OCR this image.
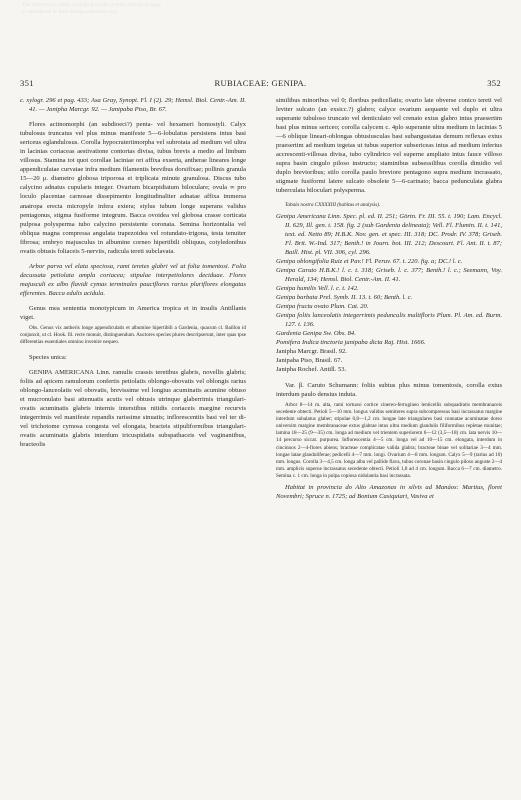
The fainter text visible through from the reverse side of the page
is reproduced as faint background lines only
351	RUBIACEAE: GENIPA.	352
c. xylogr. 296 et pag. 433; Asa Gray, Synopt. Fl. I (2). 29; Hemsl. Biol. Centr.-Am. II. 41. — Janipha Marcgr. 92. — Janipaba Piso, Br. 67.
Flores actinomorphi (an subdioeci?) penta- vel hexameri homostyli. Calyx tubulosus truncatus vel plus minus manifeste 5—6-lobulatus persistens intus basi sericeus eglandulosus. Corolla hypocrateriimorpha vel subrotata ad medium vel ultra in lacinias coriaceas aestivatione contortas divisa, tubus brevis a medio ad limbum villosus. Stamina tot quot corollae laciniae ori affixa exserta, antherae lineares longe appendiculatae curvatae infra medium filamentis brevibus dorsifixae; pollinis granula 15—20 μ. diametro globosa triporosa et triplicata minute granulosa. Discus tubo calycino adnatus cupularis integer. Ovarium bicarpidiatum biloculare; ovula ∞ pro loculo placentae carnosae dissepimento longitudinaliter adnatae affixa immersa anatropa erecta micropyle infera extera; stylus tubum longe superans validus pentagonus, stigma fusiforme integrum. Bacca ovoidea vel globosa crasse corticata pulposa polysperma tubo calycino persistente coronata. Semina horizontalia vel obliqua magna compressa angulata trapezoidea vel rotundato-trigona, testa tenuiter fibrosa; embryo majusculus in albumine corneo hipertibili obliquus, cotyledonibus ovatis obtusis foliaceis 5-nerviis, radicula tereti subclavata.
Arbor parva vel elata speciosa, rami teretes glabri vel ut folia tomentosi. Folia decussata petiolata ampla coriacea; stipulae interpetiolares deciduae. Flores majusculi ex albo flavidi cymas terminales pauciflores rarius pluriflores elongatas efferentes. Bacca edulis acidula.
Genus mea sententia monotypicum in America tropica et in insulis Antillanis viget.
Obs. Genus vix antheris longe appendiculatis et albumine hipertibili a Gardenia, quacum cl. Baillon id conjunxit, ut cl. Hook. fil. recte monuit, distinguendum. Auctores species plures descripserunt, inter quas tpse differentias essentiales omnino invenire nequeo.
Species unica:
GENIPA AMERICANA Linn. ramulis crassis teretibus glabris, novellis glabris; foliis ad apicem ramulorum confertis petiolatis oblongo-obovatis vel oblongis rarius oblongo-lanceolatis vel obovatis, brevissime vel longius acuminatis acumine obtuso et mucronulato basi attenuatis acutis vel obtusis utrinque glaberrimis triangulari-ovatis acuminatis glabris internis interstibus nitidis coriaceis margine recurvis integerrimis vel manifeste repandis rarissime sinuatis; inflorescentiis basi vel ter di- vel trichotome cymosa congesta vel elongata, bracteis stipuliformibus triangulari-ovatis acuminatis glabris interdum tricuspidatis subspathaceis vel vaginantibus, bracteolis
similibus minoribus vel 0; floribus pedicellatis; ovario late obverse conico tereti vel leviter sulcato (an exsicc.?) glabro; calyce ovarium aequante vel duplo et ultra superante tubuloso truncato vel denticulato vel crenato extus glabro intus praesertim basi plus minus sericeo; corolla calycem c. 4plo superante ultra medium in lacinias 5—6 oblique lineari-oblongas obtusiusculas basi subangustatas demum reflexas extus praesertim ad medium tegetas ut tubus superior subsericeas intus ad medium inferius accrescenti-villosas divisa, tubo cylindrico vel superne ampliato intus fauce villoso supra basin cingulo piloso instructo; staminibus subsessilibus corolla dimidio vel duplo brevioribus; stilo corolla paulo breviore pentagono supra medium incrassato, stigmate fusiformi latere sulcato obsolete 5—6-carinato; bacca pedunculata glabra tuberculata biloculari polysperma.
Tabula nostra CXXXXIII (habitus et analysis).
Genipa Americana Linn. Spec. pl. ed. II. 251; Görtn. Fr. III. 55. t. 190; Lam. Encycl. II. 629, Ill. gen. t. 158. fig. 2 (sub Gardenia delineata); Vell. Fl. Flumin. II. t. 141, text. ed. Netto 89; H.B.K. Nov. gen. et spec. III. 318; DC. Prodr. IV. 378; Griseb. Fl. Brit. W.-Ind. 317; Benth.! in Journ. bot. III. 212; Descourt. Fl. Ant. II. t. 87; Baill. Hist. pl. VII. 306, cyl. 296.
Genipa oblongifolia Ruiz et Pav.! Fl. Peruv. 67. t. 220. fig. a; DC.! l. c.
Genipa Caruto H.B.K.! l. c. t. 318; Griseb. l. c. 377; Benth.! l. c.; Seemann, Voy. Herald, 134; Hemsl. Biol. Centr.-Am. II. 41.
Genipa humilis Vell. l. c. t. 142.
Genipa barbata Prel. Symb. II. 13. t. 60; Benth. l. c.
Genipa fructu ovato Plum. Cat. 20.
Genipa foliis lanceolatis integerrimis pedunculis multifloris Plum. Pl. Am. ed. Burm. 127. t. 136.
Gardenia Genipa Sw. Obs. 84.
Pomifera Indica tinctoria janipaba dicta Raj. Hist. 1666.
Janipha Marcgr. Brasil. 92.
Janipaba Piso, Brasil. 67.
Janipha Rochef. Antill. 53.
Var. β. Caruto Schumann: foliis subtus plus minus tomentosis, corolla extus interdum paulo densius induta.
Arbor 8—14 m. alta, rami tortuosi cortice cinereo-ferrugineo lenticellis subquadratis membranaceis secedente obtecti. Petioli 5—10 mm. longus validus semiteres supra subcompressus basi incrassatus margine interdum subalatus glaber; stipulae 0,8—1,2 cm. longae late triangulares basi connatae acuminatae dorso universim margine membranaceae extus glabrae intus ultra medium glandulis filiformibus repletae munitae; lamina 18—25 (9—35) cm. longa ad medium vel trientem superiorem 6—12 (3,5—18) cm. lata nervis 10—14 percurso siccat. purpurea. Inflorescentia 4—5 cm. longa vel ad 10—15 cm. elongata, interdum in cincinnos 2—4-flores abiens; bracteae complicatae valida glabra; bracteae binae vel solitariae 3—4 mm. longae latae glanduliferae; pedicelli 4—7 mm. longi. Ovarium 4—8 mm. longum. Calyx 5—9 (rarius ad 10) mm. longus. Corolla 3—4,5 cm. longa alba vel pallide flava, tubus coronae basin cingulo piloso anguste 2—4 mm. amplicis superne incrassatus secedente obtecti. Petioli 1,8 ad 4 cm. longum. Bacca 6—7 cm. diametro. Semina c. 1 cm. longa in pulpa copiosa nidulantia basi incrassata.
Habitat in provincia do Alto Amazonas in silvis ad Manáos: Martius, floret Novembri; Spruce n. 1725; ad Bonium Casiquiari, Vasiva et
